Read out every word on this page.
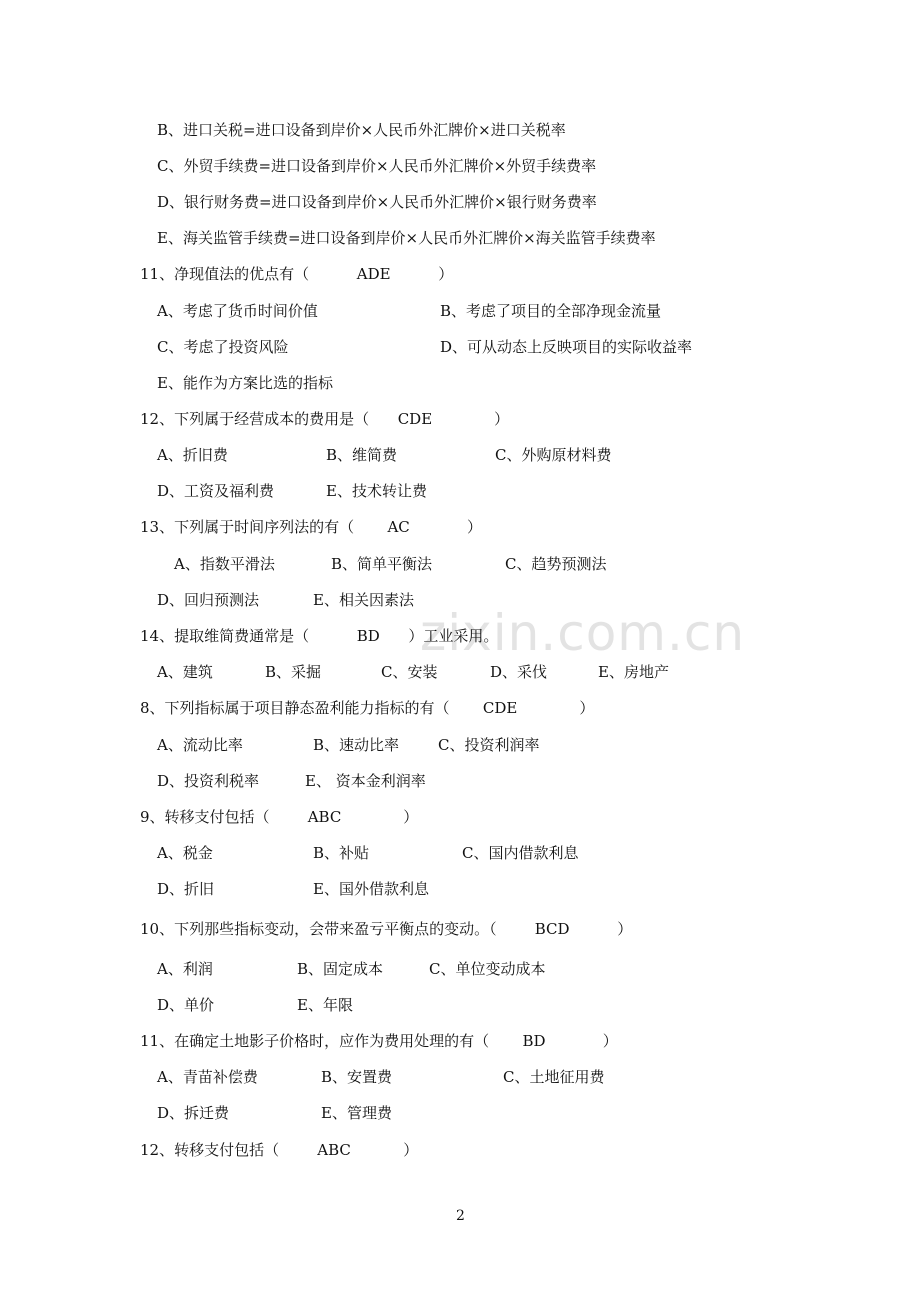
zixin.com.cn
B、进口关税=进口设备到岸价×人民币外汇牌价×进口关税率
C、外贸手续费=进口设备到岸价×人民币外汇牌价×外贸手续费率
D、银行财务费=进口设备到岸价×人民币外汇牌价×银行财务费率
E、海关监管手续费=进口设备到岸价×人民币外汇牌价×海关监管手续费率
11、净现值法的优点有（          ADE          ）
A、考虑了货币时间价值	B、考虑了项目的全部净现金流量
C、考虑了投资风险	D、可从动态上反映项目的实际收益率
E、能作为方案比选的指标
12、下列属于经营成本的费用是（      CDE             ）
A、折旧费	B、维简费	C、外购原材料费
D、工资及福利费	E、技术转让费
13、下列属于时间序列法的有（       AC            ）
A、指数平滑法	B、简单平衡法	C、趋势预测法
D、回归预测法	E、相关因素法
14、提取维简费通常是（          BD      ）工业采用。
A、建筑	B、采掘	C、安装	D、采伐	E、房地产
8、下列指标属于项目静态盈利能力指标的有（       CDE             ）
A、流动比率	B、速动比率	C、投资利润率
D、投资利税率	E、 资本金利润率
9、转移支付包括（        ABC             ）
A、税金	B、补贴	C、国内借款利息
D、折旧	E、国外借款利息
10、下列那些指标变动，会带来盈亏平衡点的变动。（        BCD          ）
A、利润	B、固定成本	C、单位变动成本
D、单价	E、年限
11、在确定土地影子价格时，应作为费用处理的有（       BD            ）
A、青苗补偿费	B、安置费	C、土地征用费
D、拆迁费	E、管理费
12、转移支付包括（        ABC           ）
2
